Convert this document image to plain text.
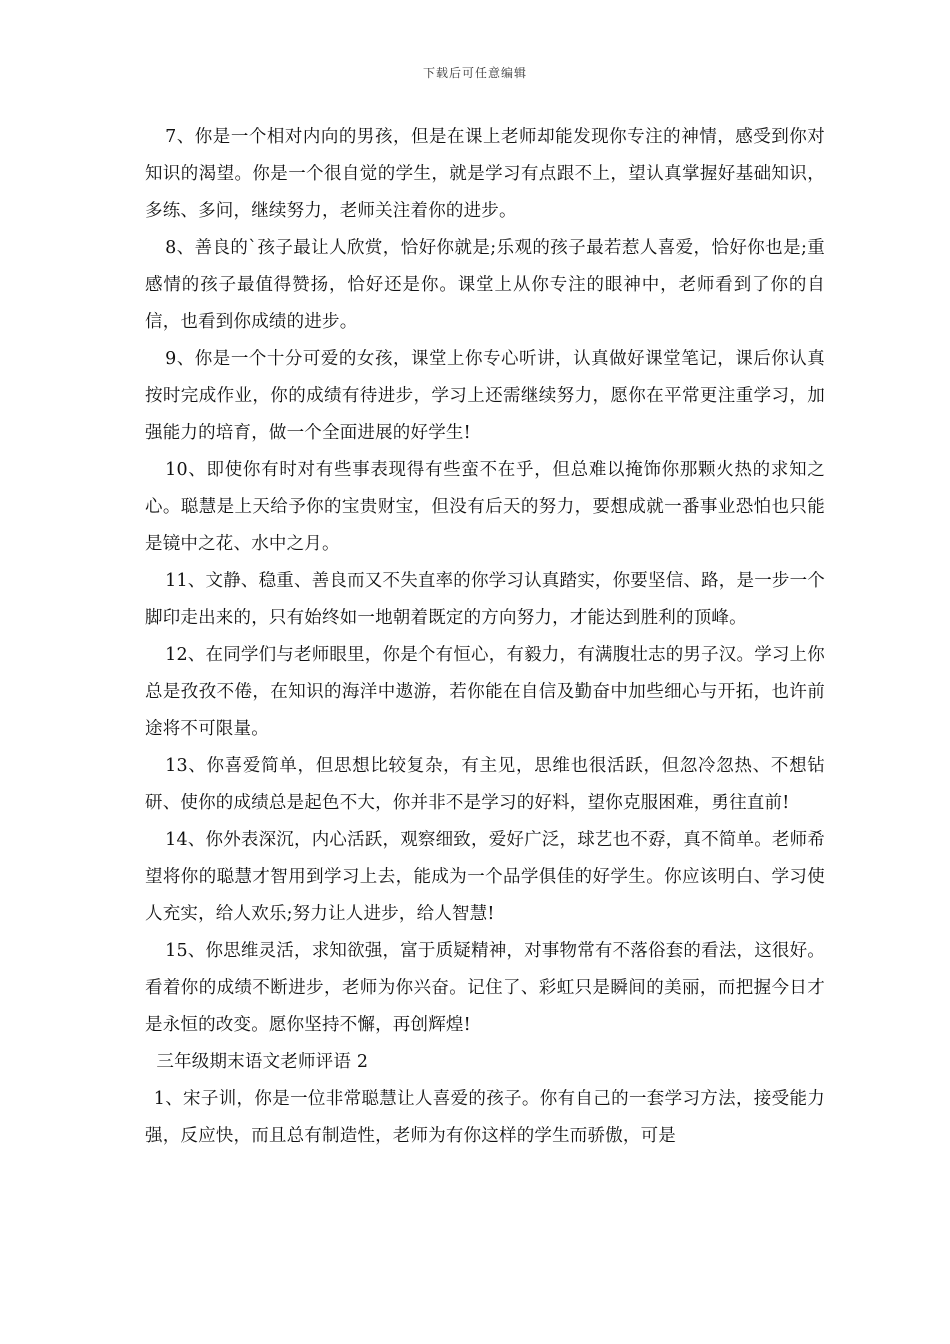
下载后可任意编辑

7、你是一个相对内向的男孩，但是在课上老师却能发现你专注的神情，感受到你对知识的渴望。你是一个很自觉的学生，就是学习有点跟不上，望认真掌握好基础知识，多练、多问，继续努力，老师关注着你的进步。

8、善良的`孩子最让人欣赏，恰好你就是;乐观的孩子最若惹人喜爱，恰好你也是;重感情的孩子最值得赞扬，恰好还是你。课堂上从你专注的眼神中，老师看到了你的自信，也看到你成绩的进步。

9、你是一个十分可爱的女孩，课堂上你专心听讲，认真做好课堂笔记，课后你认真按时完成作业，你的成绩有待进步，学习上还需继续努力，愿你在平常更注重学习，加强能力的培育，做一个全面进展的好学生!

10、即使你有时对有些事表现得有些蛮不在乎，但总难以掩饰你那颗火热的求知之心。聪慧是上天给予你的宝贵财宝，但没有后天的努力，要想成就一番事业恐怕也只能是镜中之花、水中之月。

11、文静、稳重、善良而又不失直率的你学习认真踏实，你要坚信、路，是一步一个脚印走出来的，只有始终如一地朝着既定的方向努力，才能达到胜利的顶峰。

12、在同学们与老师眼里，你是个有恒心，有毅力，有满腹壮志的男子汉。学习上你总是孜孜不倦，在知识的海洋中遨游，若你能在自信及勤奋中加些细心与开拓，也许前途将不可限量。

13、你喜爱简单，但思想比较复杂，有主见，思维也很活跃，但忽冷忽热、不想钻研、使你的成绩总是起色不大，你并非不是学习的好料，望你克服困难，勇往直前!

14、你外表深沉，内心活跃，观察细致，爱好广泛，球艺也不孬，真不简单。老师希望将你的聪慧才智用到学习上去，能成为一个品学俱佳的好学生。你应该明白、学习使人充实，给人欢乐;努力让人进步，给人智慧!

15、你思维灵活，求知欲强，富于质疑精神，对事物常有不落俗套的看法，这很好。看着你的成绩不断进步，老师为你兴奋。记住了、彩虹只是瞬间的美丽，而把握今日才是永恒的改变。愿你坚持不懈，再创辉煌!

三年级期末语文老师评语 2

1、宋子训，你是一位非常聪慧让人喜爱的孩子。你有自己的一套学习方法，接受能力强，反应快，而且总有制造性，老师为有你这样的学生而骄傲，可是
